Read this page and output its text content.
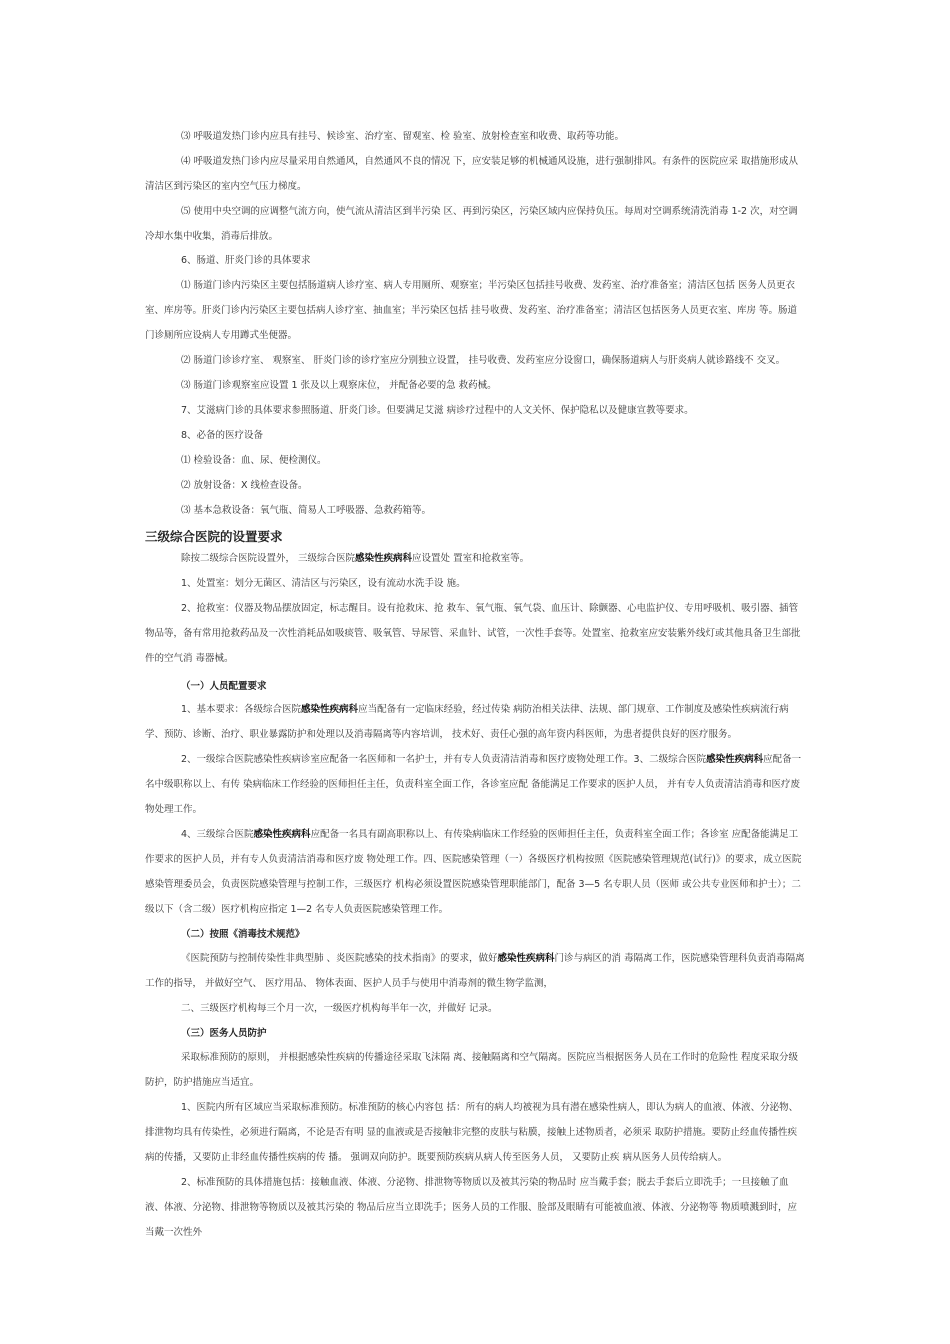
⑶ 呼吸道发热门诊内应具有挂号、候诊室、治疗室、留观室、检 验室、放射检查室和收费、取药等功能。

⑷ 呼吸道发热门诊内应尽量采用自然通风，自然通风不良的情况 下，应安装足够的机械通风设施，进行强制排风。有条件的医院应采 取措施形成从清洁区到污染区的室内空气压力梯度。

⑸ 使用中央空调的应调整气流方向，使气流从清洁区到半污染 区、再到污染区，污染区域内应保持负压。每周对空调系统清洗消毒 1-2 次，对空调冷却水集中收集，消毒后排放。

6、肠道、肝炎门诊的具体要求

⑴ 肠道门诊内污染区主要包括肠道病人诊疗室、病人专用厕所、观察室；半污染区包括挂号收费、发药室、治疗准备室；清洁区包括 医务人员更衣室、库房等。肝炎门诊内污染区主要包括病人诊疗室、抽血室；半污染区包括 挂号收费、发药室、治疗准备室；清洁区包括医务人员更衣室、库房 等。肠道门诊厕所应设病人专用蹲式坐便器。

⑵ 肠道门诊诊疗室、 观察室、 肝炎门诊的诊疗室应分别独立设置， 挂号收费、发药室应分设窗口，确保肠道病人与肝炎病人就诊路线不 交叉。

⑶ 肠道门诊观察室应设置 1 张及以上观察床位， 并配备必要的急 救药械。

7、艾滋病门诊的具体要求参照肠道、肝炎门诊。但要满足艾滋 病诊疗过程中的人文关怀、保护隐私以及健康宣教等要求。

8、必备的医疗设备

⑴ 检验设备：血、尿、便检测仪。

⑵ 放射设备：X 线检查设备。

⑶ 基本急救设备：氧气瓶、简易人工呼吸器、急救药箱等。

三级综合医院的设置要求

除按二级综合医院设置外， 三级综合医院感染性疾病科应设置处 置室和抢救室等。

1、处置室：划分无菌区、清洁区与污染区，设有流动水洗手设 施。

2、抢救室：仪器及物品摆放固定，标志醒目。设有抢救床、抢 救车、氧气瓶、氧气袋、血压计、除颤器、心电监护仪、专用呼吸机、吸引器、插管物品等，备有常用抢救药品及一次性消耗品如吸痰管、吸氧管、导尿管、采血针、试管，一次性手套等。处置室、抢救室应安装紫外线灯或其他具备卫生部批件的空气消 毒器械。

（一）人员配置要求

1、基本要求：各级综合医院感染性疾病科应当配备有一定临床经验，经过传染 病防治相关法律、法规、部门规章、工作制度及感染性疾病流行病学、预防、诊断、治疗、职业暴露防护和处理以及消毒隔离等内容培训， 技术好、责任心强的高年资内科医师，为患者提供良好的医疗服务。

2、一级综合医院感染性疾病诊室应配备一名医师和一名护士，并有专人负责清洁消毒和医疗废物处理工作。3、二级综合医院感染性疾病科应配备一名中级职称以上、有传 染病临床工作经验的医师担任主任，负责科室全面工作，各诊室应配 备能满足工作要求的医护人员， 并有专人负责清洁消毒和医疗废物处理工作。

4、三级综合医院感染性疾病科应配备一名具有副高职称以上、有传染病临床工作经验的医师担任主任，负责科室全面工作；各诊室 应配备能满足工作要求的医护人员，并有专人负责清洁消毒和医疗废 物处理工作。四、医院感染管理（一）各级医疗机构按照《医院感染管理规范(试行)》的要求，成立医院感染管理委员会，负责医院感染管理与控制工作，三级医疗 机构必须设置医院感染管理职能部门，配备 3—5 名专职人员（医师 或公共专业医师和护士）；二级以下（含二级）医疗机构应指定 1—2 名专人负责医院感染管理工作。

（二）按照《消毒技术规范》

《医院预防与控制传染性非典型肺 、炎医院感染的技术指南》的要求，做好感染性疾病科门诊与病区的消 毒隔离工作，医院感染管理科负责消毒隔离工作的指导， 并做好空气、 医疗用品、 物体表面、医护人员手与使用中消毒剂的微生物学监测，

二、三级医疗机构每三个月一次，一级医疗机构每半年一次，并做好 记录。

（三）医务人员防护

采取标准预防的原则， 并根据感染性疾病的传播途径采取飞沫隔 离、接触隔离和空气隔离。医院应当根据医务人员在工作时的危险性 程度采取分级防护，防护措施应当适宜。

1、医院内所有区域应当采取标准预防。标准预防的核心内容包 括：所有的病人均被视为具有潜在感染性病人，即认为病人的血液、体液、分泌物、排泄物均具有传染性，必须进行隔离，不论是否有明 显的血液或是否接触非完整的皮肤与粘膜，接触上述物质者，必须采 取防护措施。要防止经血传播性疾病的传播，又要防止非经血传播性疾病的传 播。 强调双向防护。既要预防疾病从病人传至医务人员， 又要防止疾 病从医务人员传给病人。

2、标准预防的具体措施包括：接触血液、体液、分泌物、排泄物等物质以及被其污染的物品时 应当戴手套；脱去手套后立即洗手；一旦接触了血液、体液、分泌物、排泄物等物质以及被其污染的 物品后应当立即洗手；医务人员的工作服、脸部及眼睛有可能被血液、体液、分泌物等 物质喷溅到时，应当戴一次性外
